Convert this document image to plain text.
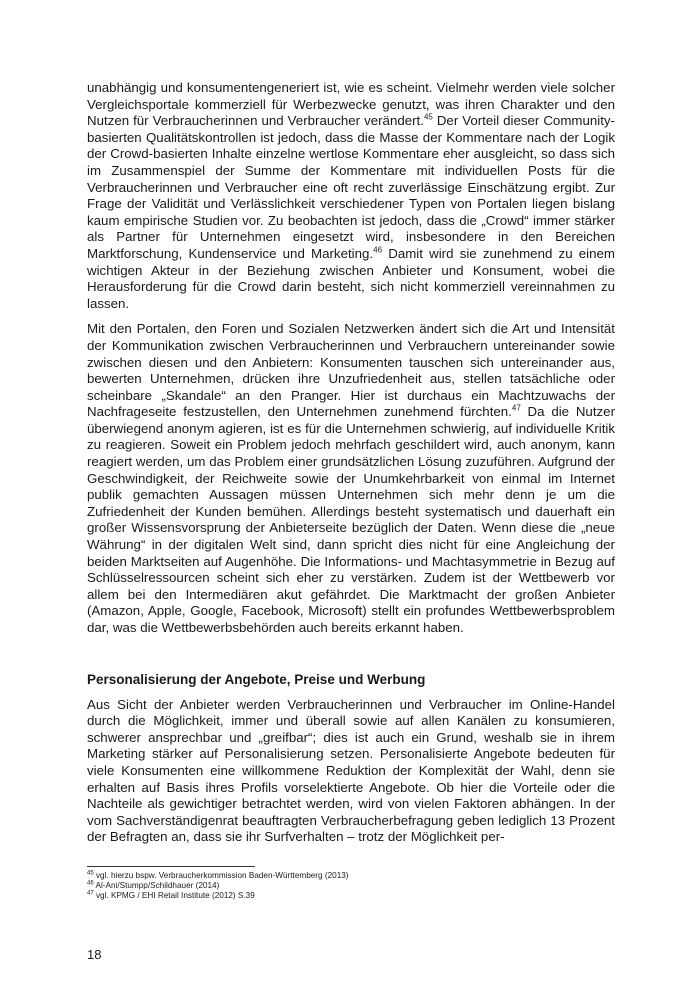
unabhängig und konsumentengeneriert ist, wie es scheint. Vielmehr werden viele solcher Vergleichsportale kommerziell für Werbezwecke genutzt, was ihren Charakter und den Nutzen für Verbraucherinnen und Verbraucher verändert.$^{45}$ Der Vorteil dieser Community-basierten Qualitätskontrollen ist jedoch, dass die Masse der Kommentare nach der Logik der Crowd-basierten Inhalte einzelne wertlose Kommentare eher ausgleicht, so dass sich im Zusammenspiel der Summe der Kommentare mit individuellen Posts für die Verbraucherinnen und Verbraucher eine oft recht zuverlässige Einschätzung ergibt. Zur Frage der Validität und Verlässlichkeit verschiedener Typen von Portalen liegen bislang kaum empirische Studien vor. Zu beobachten ist jedoch, dass die „Crowd“ immer stärker als Partner für Unternehmen eingesetzt wird, insbesondere in den Bereichen Marktforschung, Kundenservice und Marketing.$^{46}$ Damit wird sie zunehmend zu einem wichtigen Akteur in der Beziehung zwischen Anbieter und Konsument, wobei die Herausforderung für die Crowd darin besteht, sich nicht kommerziell vereinnahmen zu lassen.

Mit den Portalen, den Foren und Sozialen Netzwerken ändert sich die Art und Intensität der Kommunikation zwischen Verbraucherinnen und Verbrauchern untereinander sowie zwischen diesen und den Anbietern: Konsumenten tauschen sich untereinander aus, bewerten Unternehmen, drücken ihre Unzufriedenheit aus, stellen tatsächliche oder scheinbare „Skandale“ an den Pranger. Hier ist durchaus ein Machtzuwachs der Nachfrageseite festzustellen, den Unternehmen zunehmend fürchten.$^{47}$ Da die Nutzer überwiegend anonym agieren, ist es für die Unternehmen schwierig, auf individuelle Kritik zu reagieren. Soweit ein Problem jedoch mehrfach geschildert wird, auch anonym, kann reagiert werden, um das Problem einer grundsätzlichen Lösung zuzuführen. Aufgrund der Geschwindigkeit, der Reichweite sowie der Unumkehrbarkeit von einmal im Internet publik gemachten Aussagen müssen Unternehmen sich mehr denn je um die Zufriedenheit der Kunden bemühen. Allerdings besteht systematisch und dauerhaft ein großer Wissensvorsprung der Anbieterseite bezüglich der Daten. Wenn diese die „neue Währung“ in der digitalen Welt sind, dann spricht dies nicht für eine Angleichung der beiden Marktseiten auf Augenhöhe. Die Informations- und Machtasymmetrie in Bezug auf Schlüsselressourcen scheint sich eher zu verstärken. Zudem ist der Wettbewerb vor allem bei den Intermediären akut gefährdet. Die Marktmacht der großen Anbieter (Amazon, Apple, Google, Facebook, Microsoft) stellt ein profundes Wettbewerbsproblem dar, was die Wettbewerbsbehörden auch bereits erkannt haben.

Personalisierung der Angebote, Preise und Werbung

Aus Sicht der Anbieter werden Verbraucherinnen und Verbraucher im Online-Handel durch die Möglichkeit, immer und überall sowie auf allen Kanälen zu konsumieren, schwerer ansprechbar und „greifbar“; dies ist auch ein Grund, weshalb sie in ihrem Marketing stärker auf Personalisierung setzen. Personalisierte Angebote bedeuten für viele Konsumenten eine willkommene Reduktion der Komplexität der Wahl, denn sie erhalten auf Basis ihres Profils vorselektierte Angebote. Ob hier die Vorteile oder die Nachteile als gewichtiger betrachtet werden, wird von vielen Faktoren abhängen. In der vom Sachverständigenrat beauftragten Verbraucherbefragung geben lediglich 13 Prozent der Befragten an, dass sie ihr Surfverhalten – trotz der Möglichkeit per-

$^{45}$ vgl. hierzu bspw. Verbraucherkommission Baden-Württemberg (2013)
$^{46}$ Al-Ani/Stumpp/Schildhauer (2014)
$^{47}$ vgl. KPMG / EHI Retail Institute (2012) S.39
18
